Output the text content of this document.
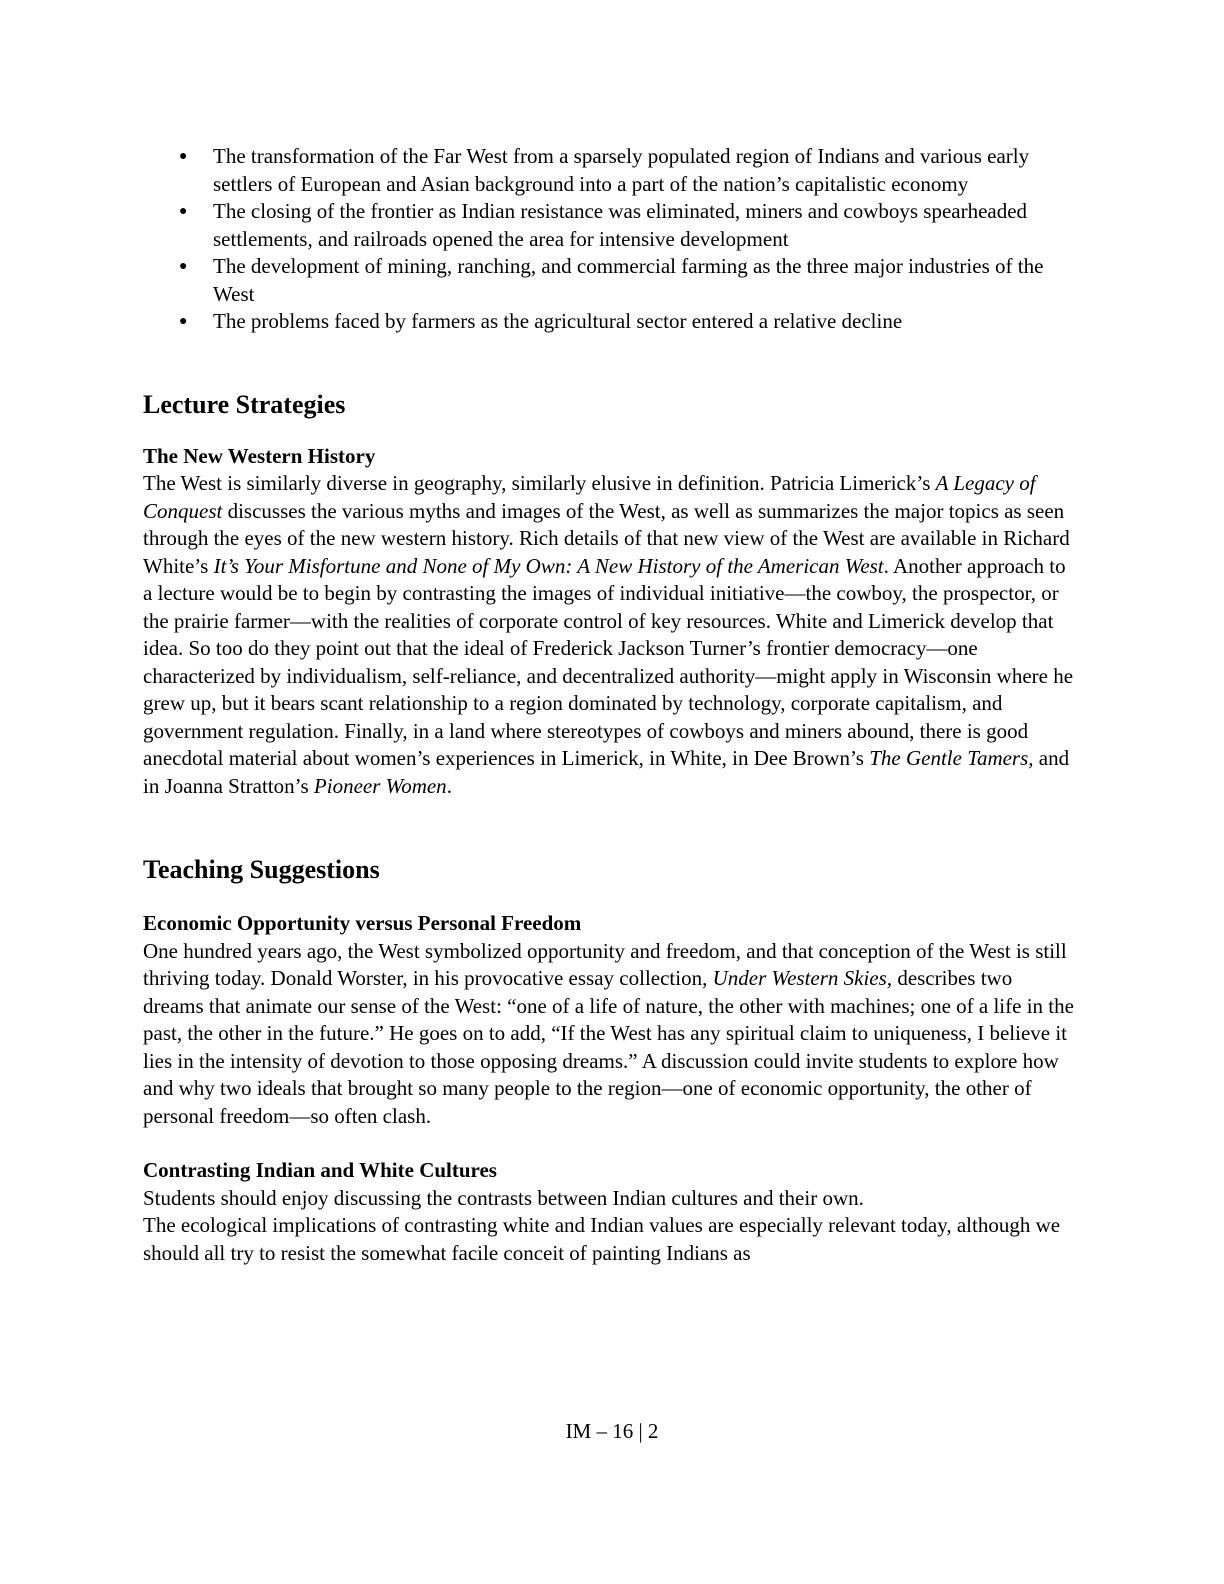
● The transformation of the Far West from a sparsely populated region of Indians and various early settlers of European and Asian background into a part of the nation’s capitalistic economy
● The closing of the frontier as Indian resistance was eliminated, miners and cowboys spearheaded settlements, and railroads opened the area for intensive development
● The development of mining, ranching, and commercial farming as the three major industries of the West
● The problems faced by farmers as the agricultural sector entered a relative decline
Lecture Strategies
The New Western History

The West is similarly diverse in geography, similarly elusive in definition. Patricia Limerick’s A Legacy of Conquest discusses the various myths and images of the West, as well as summarizes the major topics as seen through the eyes of the new western history. Rich details of that new view of the West are available in Richard White’s It’s Your Misfortune and None of My Own: A New History of the American West. Another approach to a lecture would be to begin by contrasting the images of individual initiative—the cowboy, the prospector, or the prairie farmer—with the realities of corporate control of key resources. White and Limerick develop that idea. So too do they point out that the ideal of Frederick Jackson Turner’s frontier democracy—one characterized by individualism, self-reliance, and decentralized authority—might apply in Wisconsin where he grew up, but it bears scant relationship to a region dominated by technology, corporate capitalism, and government regulation. Finally, in a land where stereotypes of cowboys and miners abound, there is good anecdotal material about women’s experiences in Limerick, in White, in Dee Brown’s The Gentle Tamers, and in Joanna Stratton’s Pioneer Women.

Teaching Suggestions
Economic Opportunity versus Personal Freedom

One hundred years ago, the West symbolized opportunity and freedom, and that conception of the West is still thriving today. Donald Worster, in his provocative essay collection, Under Western Skies, describes two dreams that animate our sense of the West: “one of a life of nature, the other with machines; one of a life in the past, the other in the future.” He goes on to add, “If the West has any spiritual claim to uniqueness, I believe it lies in the intensity of devotion to those opposing dreams.” A discussion could invite students to explore how and why two ideals that brought so many people to the region—one of economic opportunity, the other of personal freedom—so often clash.

Contrasting Indian and White Cultures

Students should enjoy discussing the contrasts between Indian cultures and their own.

The ecological implications of contrasting white and Indian values are especially relevant today, although we should all try to resist the somewhat facile conceit of painting Indians as

IM – 16 | 2
